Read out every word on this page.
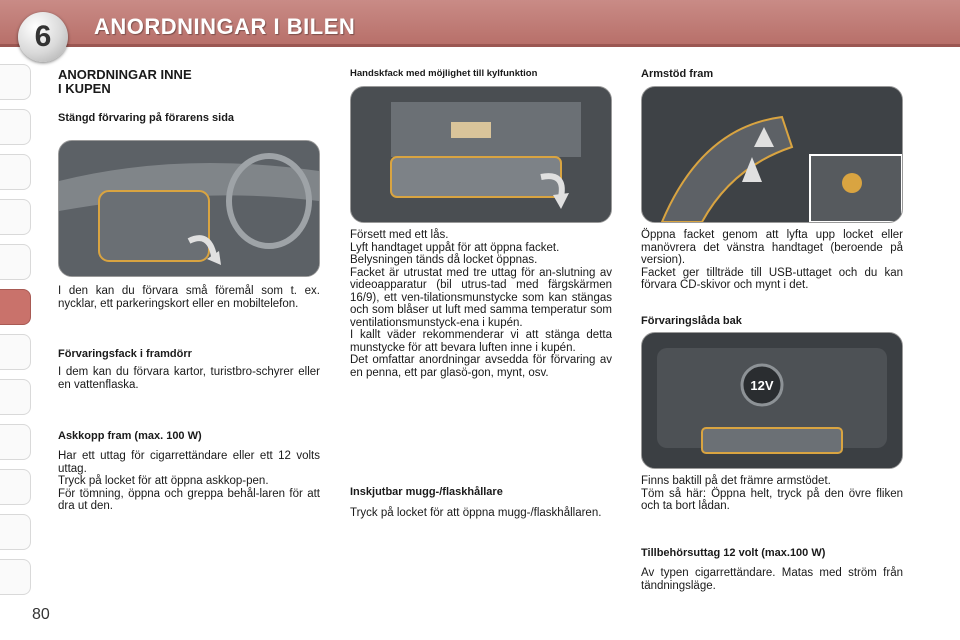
ANORDNINGAR I BILEN
6
ANORDNINGAR INNE
I KUPEN
Stängd förvaring på förarens sida

I den kan du förvara små föremål som t. ex. nycklar, ett parkeringskort eller en mobiltelefon.

Förvaringsfack i framdörr

I dem kan du förvara kartor, turistbro-schyrer eller en vattenflaska.

Askkopp fram (max. 100 W)

Har ett uttag för cigarrettändare eller ett 12 volts uttag.

Tryck på locket för att öppna askkop-pen.

För tömning, öppna och greppa behål-laren för att dra ut den.

Handskfack med möjlighet till kylfunktion

Försett med ett lås.

Lyft handtaget uppåt för att öppna facket.

Belysningen tänds då locket öppnas.

Facket är utrustat med tre uttag för an-slutning av videoapparatur (bil utrus-tad med färgskärmen 16/9), ett ven-tilationsmunstycke som kan stängas och som blåser ut luft med samma temperatur som ventilationsmunstyck-ena i kupén.

I kallt väder rekommenderar vi att stänga detta munstycke för att bevara luften inne i kupén.

Det omfattar anordningar avsedda för förvaring av en penna, ett par glasö-gon, mynt, osv.

Inskjutbar mugg-/flaskhållare

Tryck på locket för att öppna mugg-/flaskhållaren.

Armstöd fram

Öppna facket genom att lyfta upp locket eller manövrera det vänstra handtaget (beroende på version).

Facket ger tillträde till USB-uttaget och du kan förvara CD-skivor och mynt i det.

Förvaringslåda bak
12V

Finns baktill på det främre armstödet.

Töm så här: Öppna helt, tryck på den övre fliken och ta bort lådan.

Tillbehörsuttag 12 volt (max.100 W)

Av typen cigarrettändare. Matas med ström från tändningsläge.

80
